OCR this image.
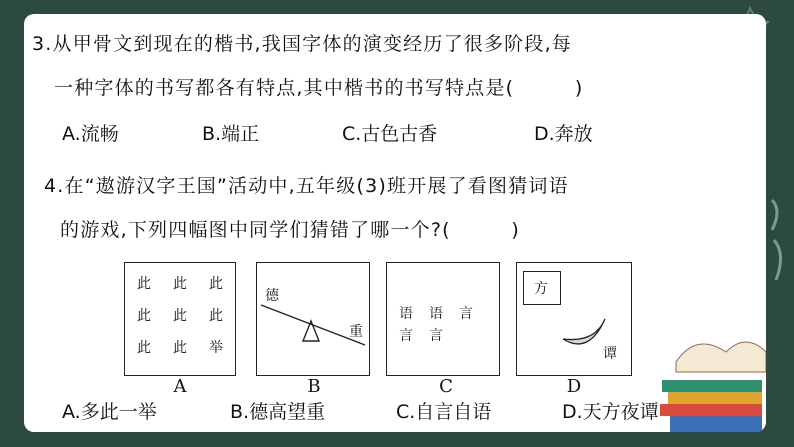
3.从甲骨文到现在的楷书,我国字体的演变经历了很多阶段,每
一种字体的书写都各有特点,其中楷书的书写特点是(　　　)
A.流畅	B.端正	C.古色古香	D.奔放
4.在“遨游汉字王国”活动中,五年级(3)班开展了看图猜词语
的游戏,下列四幅图中同学们猜错了哪一个?(　　　)
此 此 此
此 此 此
此 此 举
A
德
重
B
语 语 言
言 言
C
方
谭
D
A.多此一举	B.德高望重	C.自言自语	D.天方夜谭
